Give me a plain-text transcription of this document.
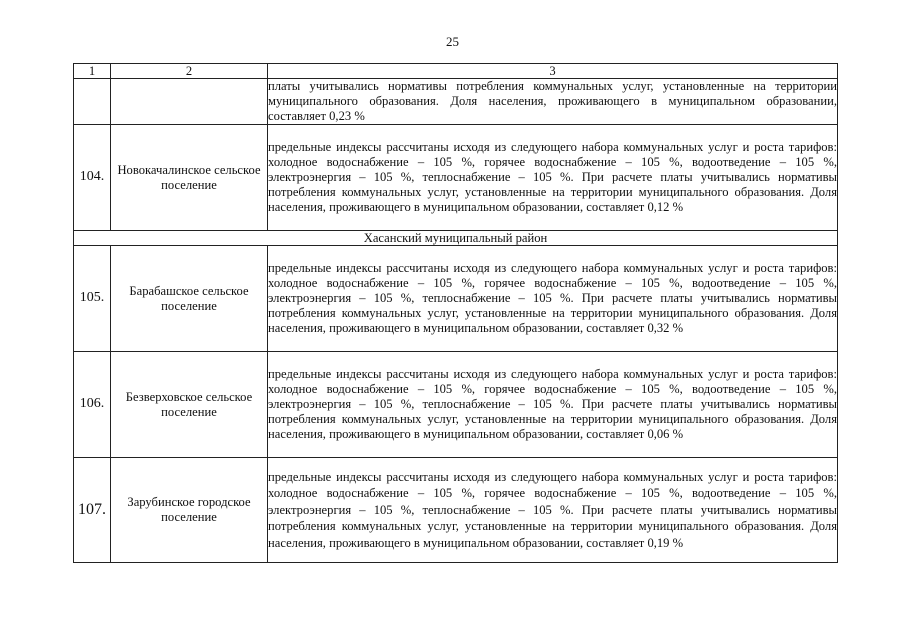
25
1	2	3
		платы учитывались нормативы потребления коммунальных услуг, установленные на территории муниципального образования. Доля населения, проживающего в муниципальном образовании, составляет 0,23 %
104.	Новокачалинское сельское поселение	предельные индексы рассчитаны исходя из следующего набора коммунальных услуг и роста тарифов: холодное водоснабжение – 105 %, горячее водоснабжение – 105 %, водоотведение – 105 %, электроэнергия – 105 %, теплоснабжение – 105 %. При расчете платы учитывались нормативы потребления коммунальных услуг, установленные на территории муниципального образования. Доля населения, проживающего в муниципальном образовании, составляет 0,12 %
Хасанский муниципальный район		
105.	Барабашское сельское поселение	предельные индексы рассчитаны исходя из следующего набора коммунальных услуг и роста тарифов: холодное водоснабжение – 105 %, горячее водоснабжение – 105 %, водоотведение – 105 %, электроэнергия – 105 %, теплоснабжение – 105 %. При расчете платы учитывались нормативы потребления коммунальных услуг, установленные на территории муниципального образования. Доля населения, проживающего в муниципальном образовании, составляет 0,32 %
106.	Безверховское сельское поселение	предельные индексы рассчитаны исходя из следующего набора коммунальных услуг и роста тарифов: холодное водоснабжение – 105 %, горячее водоснабжение – 105 %, водоотведение – 105 %, электроэнергия – 105 %, теплоснабжение – 105 %. При расчете платы учитывались нормативы потребления коммунальных услуг, установленные на территории муниципального образования. Доля населения, проживающего в муниципальном образовании, составляет 0,06 %
107.	Зарубинское городское поселение	предельные индексы рассчитаны исходя из следующего набора коммунальных услуг и роста тарифов: холодное водоснабжение – 105 %, горячее водоснабжение – 105 %, водоотведение – 105 %, электроэнергия – 105 %, теплоснабжение – 105 %. При расчете платы учитывались нормативы потребления коммунальных услуг, установленные на территории муниципального образования. Доля населения, проживающего в муниципальном образовании, составляет 0,19 %
